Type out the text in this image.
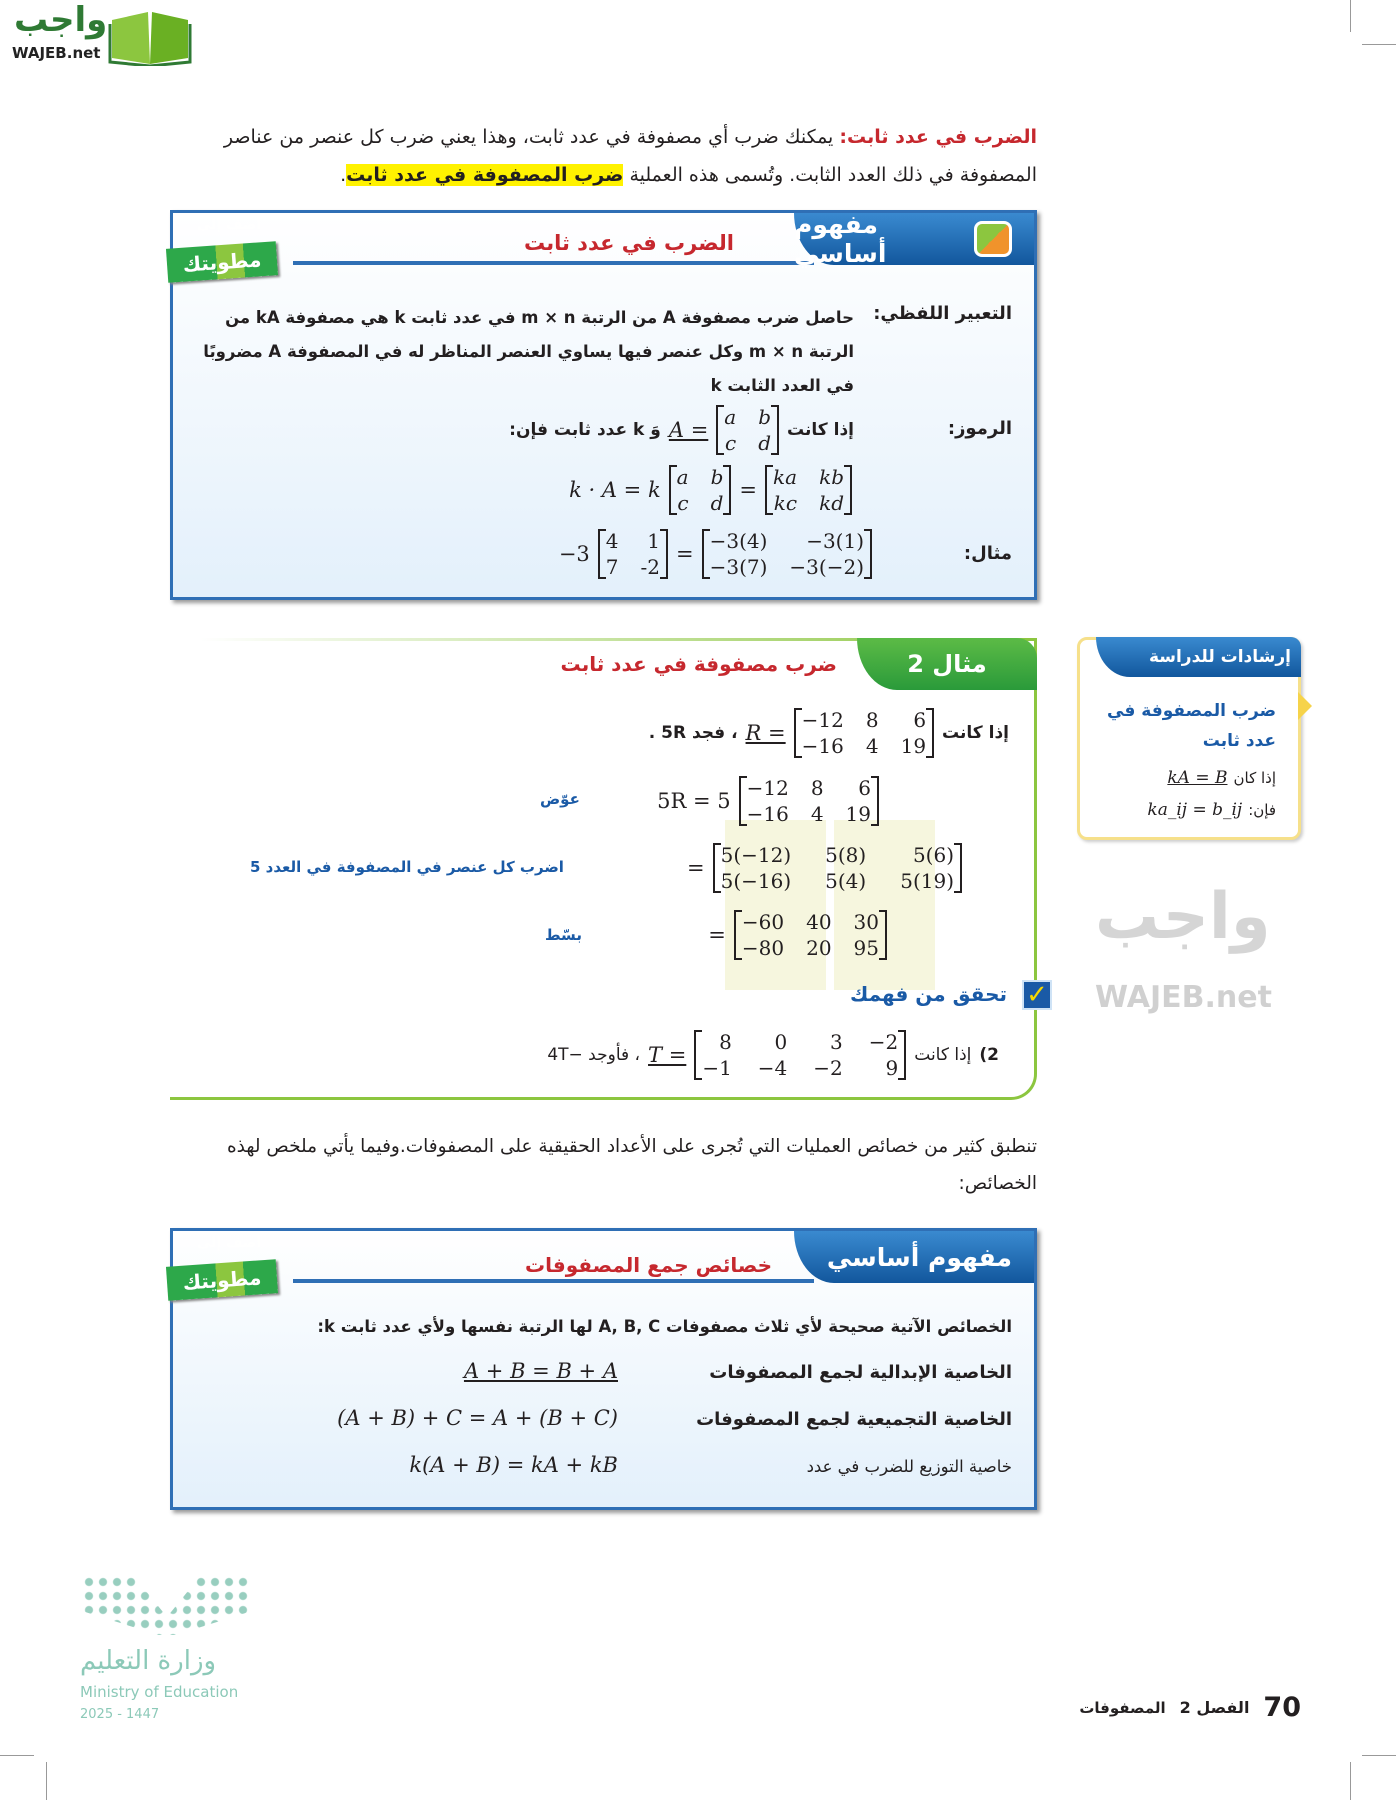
واجب
WAJEB.net
الضرب في عدد ثابت: يمكنك ضرب أي مصفوفة في عدد ثابت، وهذا يعني ضرب كل عنصر من عناصر
المصفوفة في ذلك العدد الثابت. وتُسمى هذه العملية ضرب المصفوفة في عدد ثابت.
مفهوم أساسي
الضرب في عدد ثابت
أضف إلى
مطويتك
التعبير اللفظي:
حاصل ضرب مصفوفة A من الرتبة m × n في عدد ثابت k هي مصفوفة kA من
الرتبة m × n وكل عنصر فيها يساوي العنصر المناظر له في المصفوفة A مضروبًا
في العدد الثابت k
الرموز:
إذا كانت
a b
c d
A =
وَ k عدد ثابت فإن:
ka kb
kc kd
=
a b
c d
k · A = k
مثال:
−3(4)	−3(1)
−3(7) −3(−2)
=
4	1
7 -2
−3
واجب
WAJEB.net
مثال 2
ضرب مصفوفة في عدد ثابت
إذا كانت
−12 8	6
−16 4 19
R =
، فجد 5R .
−12 8	6
−16 4 19
5R = 5
عوّض
5(−12) 5(8)	5(6)
5(−16) 5(4) 5(19)
=
اضرب كل عنصر في المصفوفة في العدد 5
−60 40 30
−80 20 95
=
بسّط
✓
تحقق من فهمك
2)
إذا كانت
8	0	3 −2
−1 −4 −2	9
T =
، فأوجد −4T
إرشادات للدراسة
ضرب المصفوفة في عدد ثابت
إذا كان
kA = B
فإن:
ka_ij = b_ij
تنطبق كثير من خصائص العمليات التي تُجرى على الأعداد الحقيقية على المصفوفات.وفيما يأتي ملخص لهذه
الخصائص:
مفهوم أساسي
خصائص جمع المصفوفات
أضف إلى
مطويتك
الخصائص الآتية صحيحة لأي ثلاث مصفوفات A, B, C لها الرتبة نفسها ولأي عدد ثابت k:
الخاصية الإبدالية لجمع المصفوفات
A + B = B + A
الخاصية التجميعية لجمع المصفوفات
(A + B) + C = A + (B + C)
خاصية التوزيع للضرب في عدد
k(A + B) = kA + kB
وزارة التعليم
Ministry of Education
2025 - 1447	70
الفصل 2
المصفوفات
